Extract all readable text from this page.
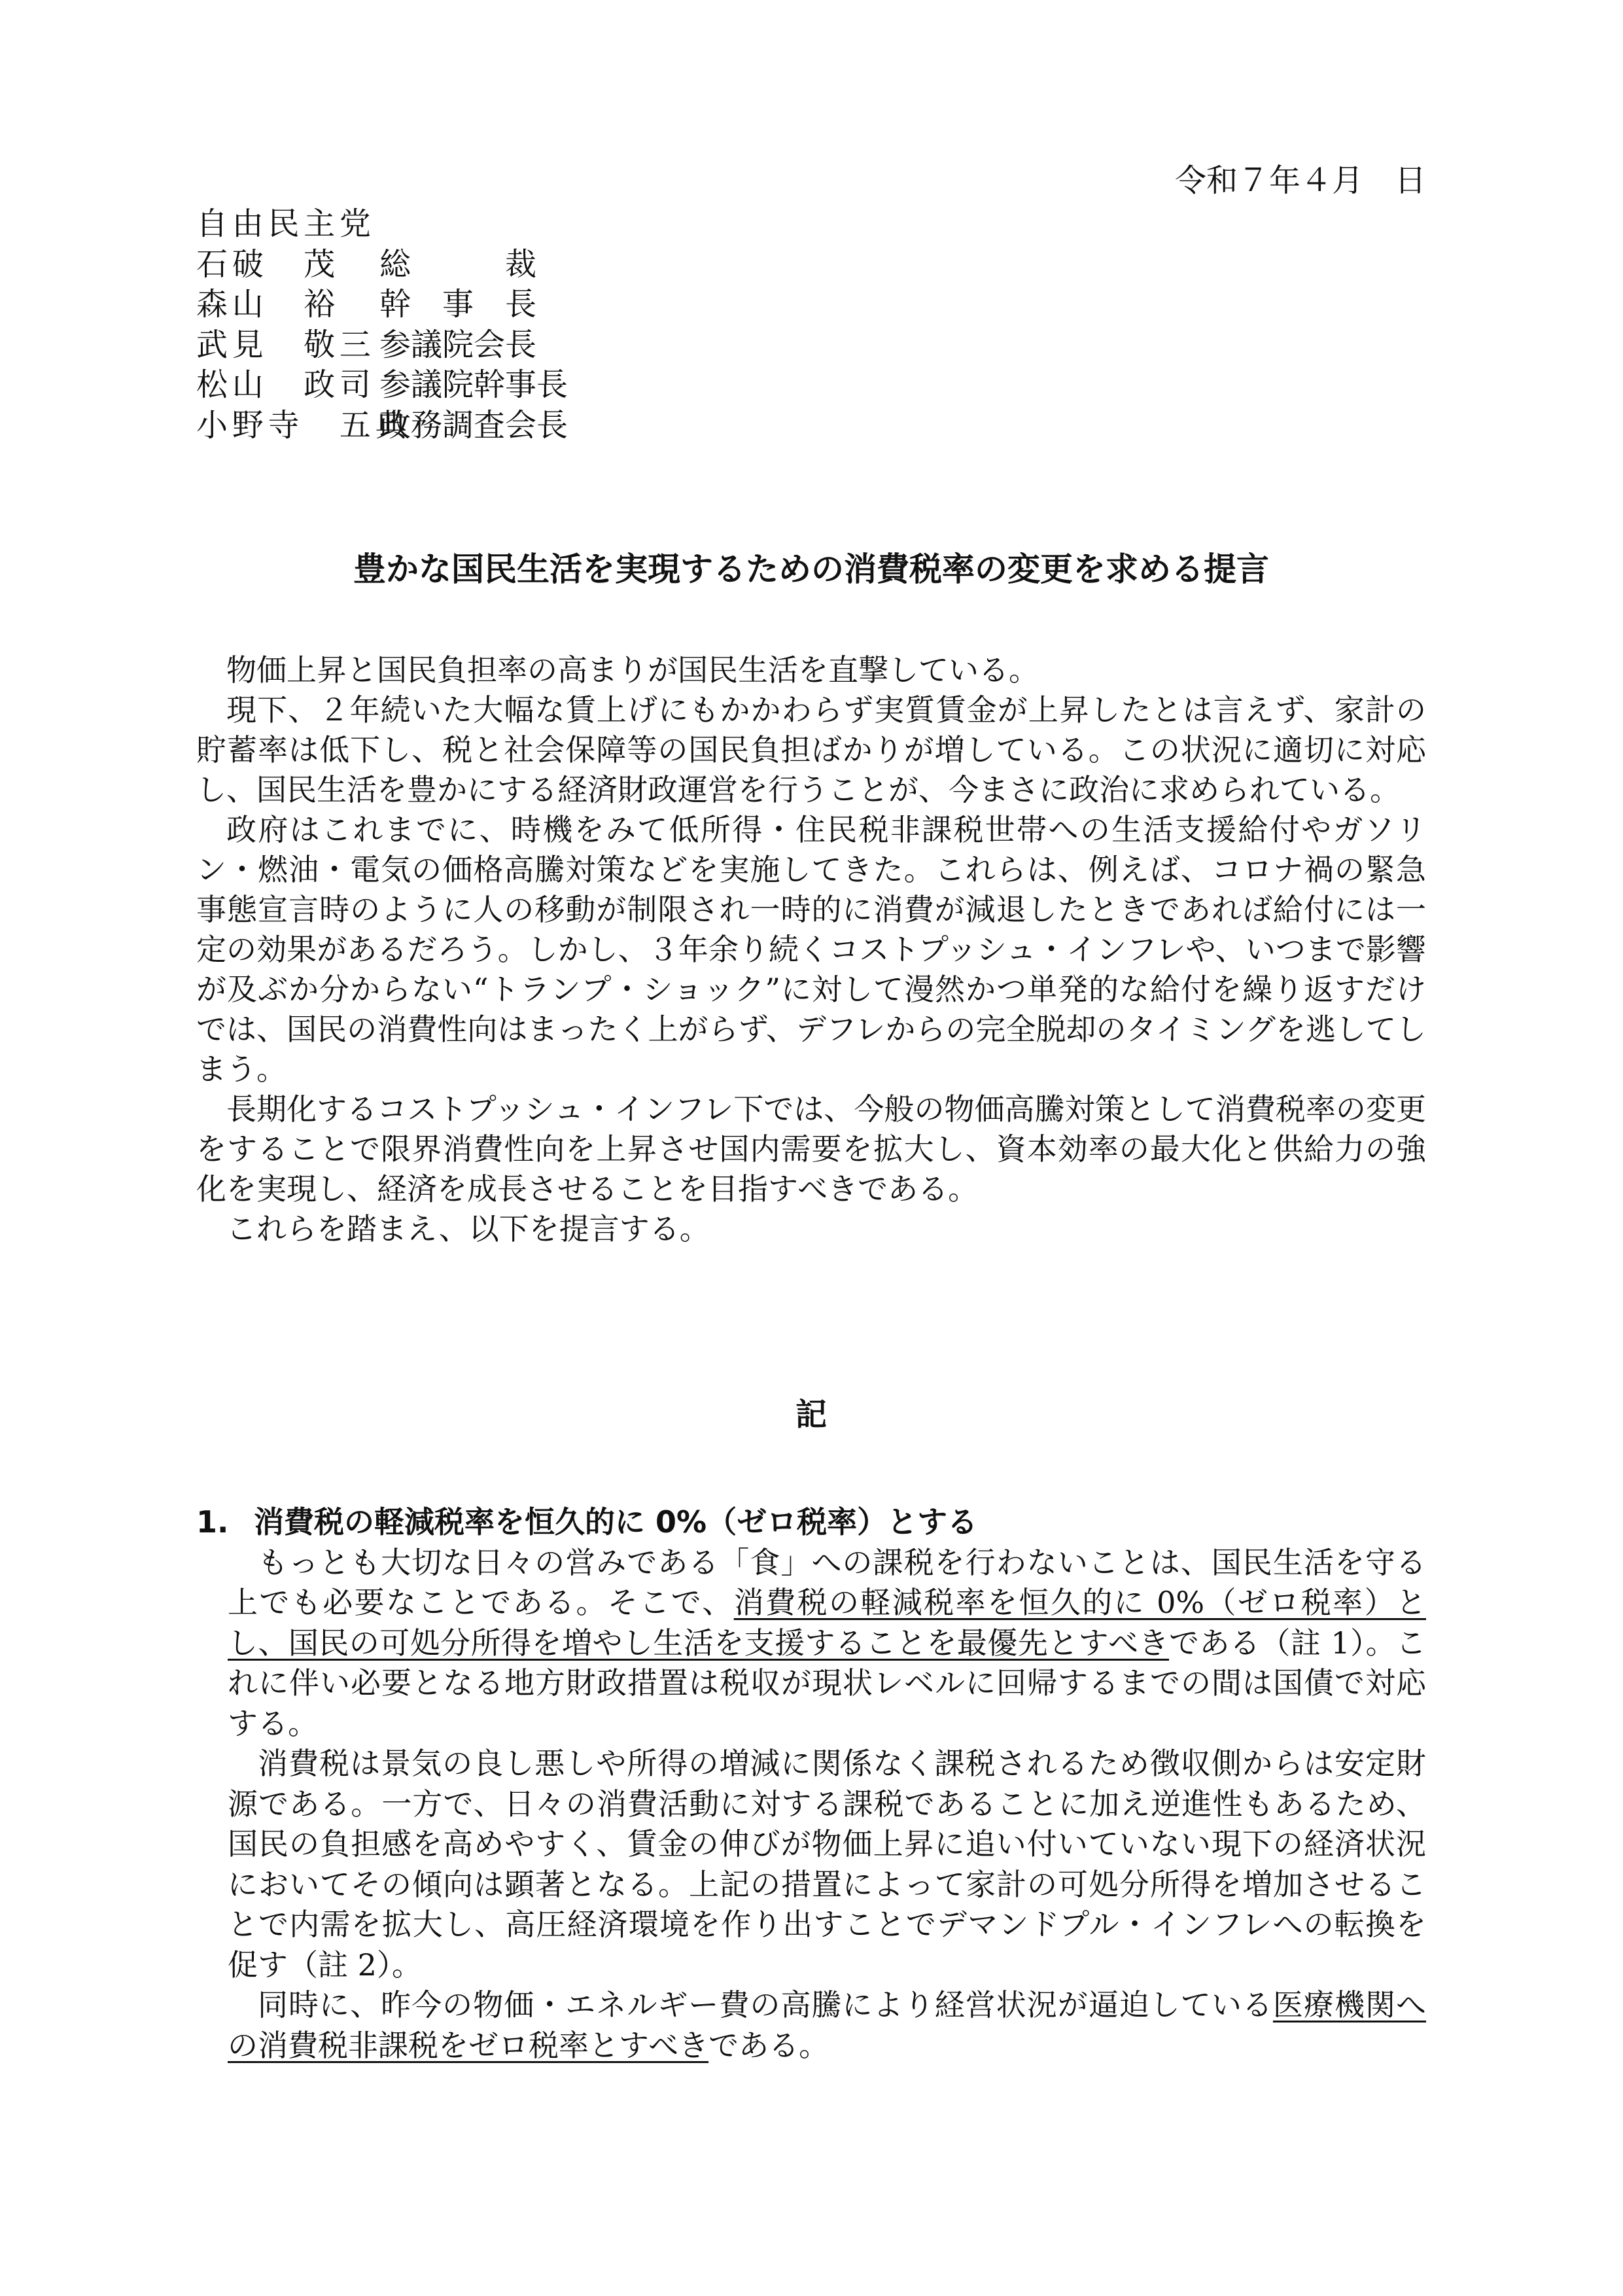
令和７年４月　日
自由民主党
石破　茂 総　　　裁
森山　裕 幹　事　長
武見　敬三 参議院会長
松山　政司 参議院幹事長
小野寺　五典
政務調査会長
豊かな国民生活を実現するための消費税率の変更を求める提言

物価上昇と国民負担率の高まりが国民生活を直撃している。

現下、２年続いた大幅な賃上げにもかかわらず実質賃金が上昇したとは言えず、家計の貯蓄率は低下し、税と社会保障等の国民負担ばかりが増している。この状況に適切に対応し、国民生活を豊かにする経済財政運営を行うことが、今まさに政治に求められている。

政府はこれまでに、時機をみて低所得・住民税非課税世帯への生活支援給付やガソリン・燃油・電気の価格高騰対策などを実施してきた。これらは、例えば、コロナ禍の緊急事態宣言時のように人の移動が制限され一時的に消費が減退したときであれば給付には一定の効果があるだろう。しかし、３年余り続くコストプッシュ・インフレや、いつまで影響が及ぶか分からない“トランプ・ショック”に対して漫然かつ単発的な給付を繰り返すだけでは、国民の消費性向はまったく上がらず、デフレからの完全脱却のタイミングを逃してしまう。

長期化するコストプッシュ・インフレ下では、今般の物価高騰対策として消費税率の変更をすることで限界消費性向を上昇させ国内需要を拡大し、資本効率の最大化と供給力の強化を実現し、経済を成長させることを目指すべきである。

これらを踏まえ、以下を提言する。

記
1. 消費税の軽減税率を恒久的に 0%（ゼロ税率）とする

もっとも大切な日々の営みである「食」への課税を行わないことは、国民生活を守る上でも必要なことである。そこで、消費税の軽減税率を恒久的に 0%（ゼロ税率）とし、国民の可処分所得を増やし生活を支援することを最優先とすべきである（註 1）。これに伴い必要となる地方財政措置は税収が現状レベルに回帰するまでの間は国債で対応する。

消費税は景気の良し悪しや所得の増減に関係なく課税されるため徴収側からは安定財源である。一方で、日々の消費活動に対する課税であることに加え逆進性もあるため、国民の負担感を高めやすく、賃金の伸びが物価上昇に追い付いていない現下の経済状況においてその傾向は顕著となる。上記の措置によって家計の可処分所得を増加させることで内需を拡大し、高圧経済環境を作り出すことでデマンドプル・インフレへの転換を促す（註 2）。

同時に、昨今の物価・エネルギー費の高騰により経営状況が逼迫している医療機関への消費税非課税をゼロ税率とすべきである。
